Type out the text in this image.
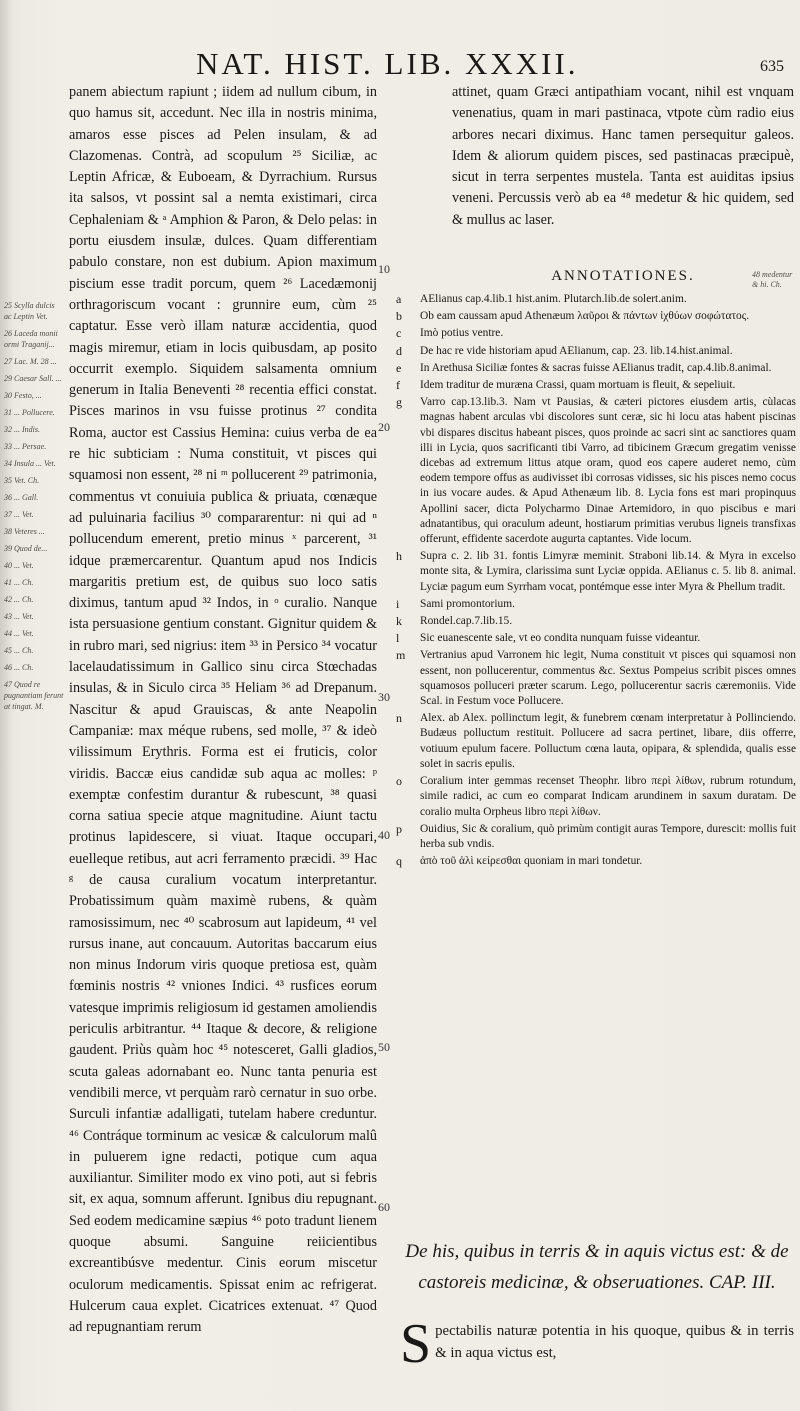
NAT. HIST. LIB. XXXII.	635
25 Scylla dulcis ac Leptin Vet.
26 Laceda monii ormi Traganij...
27 Lac. M. 28 ...
29 Caesar Sall. ...
30 Festo, ...
31 ... Pollucere.
32 ... Indis.
33 ... Persae.
34 Insula ... Vet.
35 Vet. Ch.
36 ... Gall.
37 ... Vet.
38 Veteres ...
39 Quod de...
40 ... Vet.
41 ... Ch.
42 ... Ch.
43 ... Vet.
44 ... Vet.
45 ... Ch.
46 ... Ch.
47 Quod re pugnantiam ferunt at tingat. M.

panem abiectum rapiunt ; iidem ad nullum cibum, in quo hamus sit, accedunt. Nec illa in nostris minima, amaros esse pisces ad Pelen insulam, & ad Clazomenas. Contrà, ad scopulum ²⁵ Siciliæ, ac Leptin Africæ, & Euboeam, & Dyrrachium. Rursus ita salsos, vt possint sal a nemta existimari, circa Cephaleniam & ᵃ Amphion & Paron, & Delo pelas: in portu eiusdem insulæ, dulces. Quam differentiam pabulo constare, non est dubium. Apion maximum piscium esse tradit porcum, quem ²⁶ Lacedæmonij orthragoriscum vocant : grunnire eum, cùm ²⁵ captatur. Esse verò illam naturæ accidentia, quod magis miremur, etiam in locis quibusdam, ap posito occurrit exemplo. Siquidem salsamenta omnium generum in Italia Beneventi ²⁸ recentia effici constat. Pisces marinos in vsu fuisse protinus ²⁷ condita Roma, auctor est Cassius Hemina: cuius verba de ea re hic subticiam : Numa constituit, vt pisces qui squamosi non essent, ²⁸ ni ᵐ pollucerent ²⁹ patrimonia, commentus vt conuiuia publica & priuata, cœnæque ad puluinaria facilius ³⁰ compararentur: ni qui ad ⁿ pollucendum emerent, pretio minus ˣ parcerent, ³¹ idque præmercarentur. Quantum apud nos Indicis margaritis pretium est, de quibus suo loco satis diximus, tantum apud ³² Indos, in ᵒ curalio. Nanque ista persuasione gentium constant. Gignitur quidem & in rubro mari, sed nigrius: item ³³ in Persico ³⁴ vocatur lacelaudatissimum in Gallico sinu circa Stœchadas insulas, & in Siculo circa ³⁵ Heliam ³⁶ ad Drepanum. Nascitur & apud Grauiscas, & ante Neapolin Campaniæ: max méque rubens, sed molle, ³⁷ & ideò vilissimum Erythris. Forma est ei fruticis, color viridis. Baccæ eius candidæ sub aqua ac molles: ᵖ exemptæ confestim durantur & rubescunt, ³⁸ quasi corna satiua specie atque magnitudine. Aiunt tactu protinus lapidescere, si viuat. Itaque occupari, euelleque retibus, aut acri ferramento præcidi. ³⁹ Hac ᵍ de causa curalium vocatum interpretantur. Probatissimum quàm maximè rubens, & quàm ramosissimum, nec ⁴⁰ scabrosum aut lapideum, ⁴¹ vel rursus inane, aut concauum. Autoritas baccarum eius non minus Indorum viris quoque pretiosa est, quàm fœminis nostris ⁴² vniones Indici. ⁴³ rusfices eorum vatesque imprimis religiosum id gestamen amoliendis periculis arbitrantur. ⁴⁴ Itaque & decore, & religione gaudent. Priùs quàm hoc ⁴⁵ notesceret, Galli gladios, scuta galeas adornabant eo. Nunc tanta penuria est vendibili merce, vt perquàm rarò cernatur in suo orbe. Surculi infantiæ adalligati, tutelam habere creduntur. ⁴⁶ Contráque torminum ac vesicæ & calculorum malû in puluerem igne redacti, potique cum aqua auxiliantur. Similiter modo ex vino poti, aut si febris sit, ex aqua, somnum afferunt. Ignibus diu repugnant. Sed eodem medicamine sæpius ⁴⁶ poto tradunt lienem quoque absumi. Sanguine reiicientibus excreantibúsve medentur. Cinis eorum miscetur oculorum medicamentis. Spissat enim ac refrigerat. Hulcerum caua explet. Cicatrices extenuat. ⁴⁷ Quod ad repugnantiam rerum

10
20
30
40
50
60

attinet, quam Græci antipathiam vocant, nihil est vnquam venenatius, quam in mari pastinaca, vtpote cùm radio eius arbores necari diximus. Hanc tamen persequitur galeos. Idem & aliorum quidem pisces, sed pastinacas præcipuè, sicut in terra serpentes mustela. Tanta est auiditas ipsius veneni. Percussis verò ab ea ⁴⁸ medetur & hic quidem, sed & mullus ac laser.

48 medentur & hi. Ch.
ANNOTATIONES.
a	AElianus cap.4.lib.1 hist.anim. Plutarch.lib.de solert.anim.
b	Ob eam caussam apud Athenæum λαῦροι & πάντων ἰχθύων σοφώτατος.
c	Imò potius ventre.
d	De hac re vide historiam apud AElianum, cap. 23. lib.14.hist.animal.
e	In Arethusa Siciliæ fontes & sacras fuisse AElianus tradit, cap.4.lib.8.animal.
f	Idem traditur de muræna Crassi, quam mortuam is fleuit, & sepeliuit.
g	Varro cap.13.lib.3. Nam vt Pausias, & cæteri pictores eiusdem artis, cùlacas magnas habent arculas vbi discolores sunt ceræ, sic hi locu atas habent piscinas vbi dispares discitus habeant pisces, quos proinde ac sacri sint ac sanctiores quam illi in Lycia, quos sacrificanti tibi Varro, ad tibicinem Græcum gregatim venisse dicebas ad extremum littus atque oram, quod eos capere auderet nemo, cùm eodem tempore offus as audivisset ibi corrosas vidisses, sic his pisces nemo cocus in ius vocare audes. & Apud Athenæum lib. 8. Lycia fons est mari propinquus Apollini sacer, dicta Polycharmo Dinae Artemidoro, in quo piscibus e mari adnatantibus, qui oraculum adeunt, hostiarum primitias verubus ligneis transfixas offerunt, effidente sacerdote augurta captantes. Vide locum.
h	Supra c. 2. lib 31. fontis Limyræ meminit. Straboni lib.14. & Myra in excelso monte sita, & Lymira, clarissima sunt Lyciæ oppida. AElianus c. 5. lib 8. animal. Lyciæ pagum eum Syrrham vocat, pontémque esse inter Myra & Phellum tradit.
i	Sami promontorium.
k	Rondel.cap.7.lib.15.
l	Sic euanescente sale, vt eo condita nunquam fuisse videantur.
m	Vertranius apud Varronem hic legit, Numa constituit vt pisces qui squamosi non essent, non pollucerentur, commentus &c. Sextus Pompeius scribit pisces omnes squamosos polluceri præter scarum. Lego, pollucerentur sacris cæremoniis. Vide Scal. in Festum voce Pollucere.
n	Alex. ab Alex. pollinctum legit, & funebrem cœnam interpretatur à Pollinciendo. Budæus polluctum restituit. Pollucere ad sacra pertinet, libare, diis offerre, votiuum epulum facere. Polluctum cœna lauta, opipara, & splendida, qualis esse solet in sacris epulis.
o	Coralium inter gemmas recenset Theophr. libro περὶ λίθων, rubrum rotundum, simile radici, ac cum eo comparat Indicam arundinem in saxum duratam. De coralio multa Orpheus libro περὶ λίθων.
p	Ouidius, Sic & coralium, quò primùm contigit auras Tempore, durescit: mollis fuit herba sub vndis.
q	ἀπὸ τοῦ ἁλὶ κείρεσθαι quoniam in mari tondetur.
De his, quibus in terris & in aquis victus est: & de castoreis medicinæ, & obseruationes. CAP. III.
S pectabilis naturæ potentia in his quoque, quibus & in terris & in aqua victus est,
